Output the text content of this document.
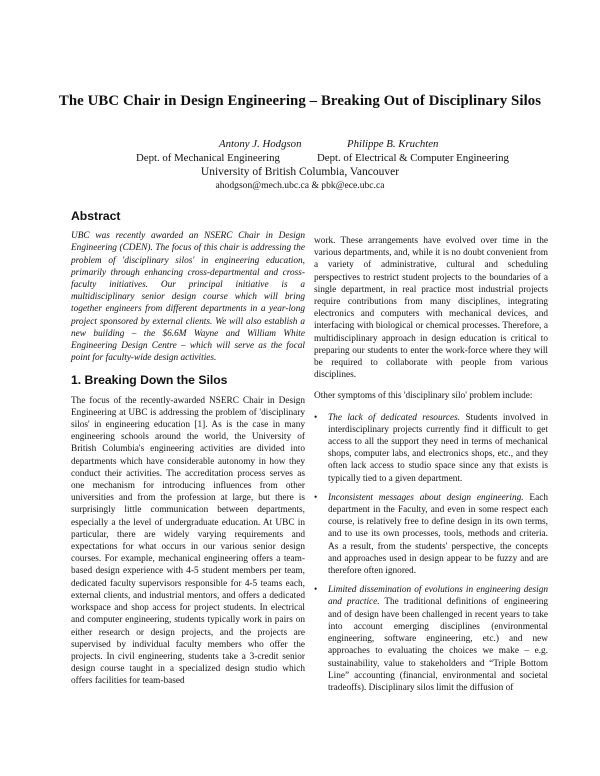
The UBC Chair in Design Engineering – Breaking Out of Disciplinary Silos
Antony J. Hodgson	Philippe B. Kruchten
Dept. of Mechanical Engineering	Dept. of Electrical & Computer Engineering
University of British Columbia, Vancouver
ahodgson@mech.ubc.ca & pbk@ece.ubc.ca
Abstract
UBC was recently awarded an NSERC Chair in Design Engineering (CDEN). The focus of this chair is addressing the problem of 'disciplinary silos' in engineering education, primarily through enhancing cross-departmental and cross-faculty initiatives. Our principal initiative is a multidisciplinary senior design course which will bring together engineers from different departments in a year-long project sponsored by external clients. We will also establish a new building – the $6.6M Wayne and William White Engineering Design Centre – which will serve as the focal point for faculty-wide design activities.
1. Breaking Down the Silos

The focus of the recently-awarded NSERC Chair in Design Engineering at UBC is addressing the problem of 'disciplinary silos' in engineering education [1]. As is the case in many engineering schools around the world, the University of British Columbia's engineering activities are divided into departments which have considerable autonomy in how they conduct their activities. The accreditation process serves as one mechanism for introducing influences from other universities and from the profession at large, but there is surprisingly little communication between departments, especially a the level of undergraduate education. At UBC in particular, there are widely varying requirements and expectations for what occurs in our various senior design courses. For example, mechanical engineering offers a team-based design experience with 4-5 student members per team, dedicated faculty supervisors responsible for 4-5 teams each, external clients, and industrial mentors, and offers a dedicated workspace and shop access for project students. In electrical and computer engineering, students typically work in pairs on either research or design projects, and the projects are supervised by individual faculty members who offer the projects. In civil engineering, students take a 3-credit senior design course taught in a specialized design studio which offers facilities for team-based

work. These arrangements have evolved over time in the various departments, and, while it is no doubt convenient from a variety of administrative, cultural and scheduling perspectives to restrict student projects to the boundaries of a single department, in real practice most industrial projects require contributions from many disciplines, integrating electronics and computers with mechanical devices, and interfacing with biological or chemical processes. Therefore, a multidisciplinary approach in design education is critical to preparing our students to enter the work-force where they will be required to collaborate with people from various disciplines.

Other symptoms of this 'disciplinary silo' problem include:

• The lack of dedicated resources. Students involved in interdisciplinary projects currently find it difficult to get access to all the support they need in terms of mechanical shops, computer labs, and electronics shops, etc., and they often lack access to studio space since any that exists is typically tied to a given department.
• Inconsistent messages about design engineering. Each department in the Faculty, and even in some respect each course, is relatively free to define design in its own terms, and to use its own processes, tools, methods and criteria. As a result, from the students' perspective, the concepts and approaches used in design appear to be fuzzy and are therefore often ignored.
• Limited dissemination of evolutions in engineering design and practice. The traditional definitions of engineering and of design have been challenged in recent years to take into account emerging disciplines (environmental engineering, software engineering, etc.) and new approaches to evaluating the choices we make – e.g. sustainability, value to stakeholders and “Triple Bottom Line” accounting (financial, environmental and societal tradeoffs). Disciplinary silos limit the diffusion of
